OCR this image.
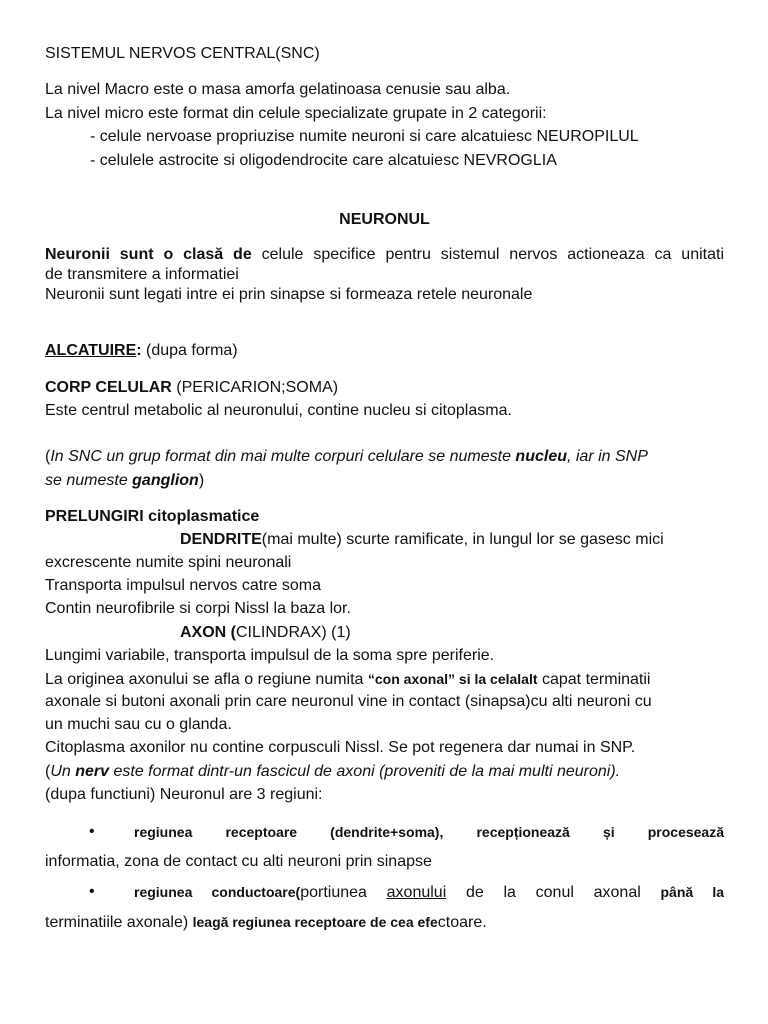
SISTEMUL NERVOS CENTRAL(SNC)
La nivel Macro este o masa amorfa gelatinoasa cenusie sau alba.
La nivel micro este format din celule specializate grupate in 2 categorii:
- celule nervoase propriuzise numite neuroni si care alcatuiesc NEUROPILUL
- celulele astrocite si oligodendrocite care alcatuiesc NEVROGLIA
NEURONUL
Neuronii sunt o clasă de celule specifice pentru sistemul nervos actioneaza ca unitati
de transmitere a informatiei
Neuronii sunt legati intre ei prin sinapse si formeaza retele neuronale
ALCATUIRE: (dupa forma)
CORP CELULAR (PERICARION;SOMA)
Este centrul metabolic al neuronului, contine nucleu si citoplasma.
(In SNC un grup format din mai multe corpuri celulare se numeste nucleu, iar in SNP
se numeste ganglion)
PRELUNGIRI citoplasmatice
DENDRITE(mai multe) scurte ramificate, in lungul lor se gasesc mici
excrescente numite spini neuronali
Transporta impulsul nervos catre soma
Contin neurofibrile si corpi Nissl la baza lor.
AXON (CILINDRAX) (1)
Lungimi variabile, transporta impulsul de la soma spre periferie.
La originea axonului se afla o regiune numita “con axonal” si la celalalt capat terminatii
axonale si butoni axonali prin care neuronul vine in contact (sinapsa)cu alti neuroni cu
un muchi sau cu o glanda.
Citoplasma axonilor nu contine corpusculi Nissl. Se pot regenera dar numai in SNP.
(Un nerv este format dintr-un fascicul de axoni (proveniti de la mai multi neuroni).
(dupa functiuni) Neuronul are 3 regiuni:
•	regiunea receptoare (dendrite+soma), recepționează și procesează
informatia, zona de contact cu alti neuroni prin sinapse
•	regiunea conductoare(portiunea axonului de la conul axonal până la
terminatiile axonale) leagă regiunea receptoare de cea efectoare.
